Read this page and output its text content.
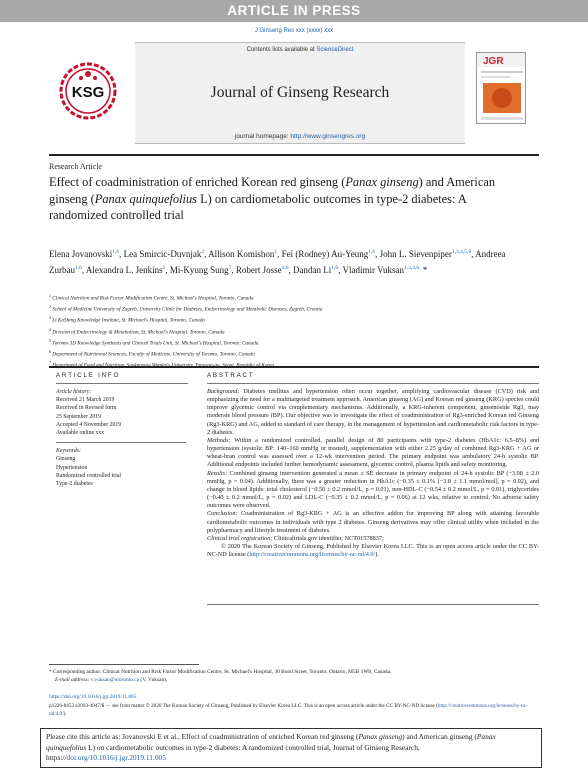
ARTICLE IN PRESS
J Ginseng Res xxx (xxxx) xxx
KSG
Contents lists available at ScienceDirect
Journal of Ginseng Research
journal homepage: http://www.ginsengres.org
JGR
Research Article
Effect of coadministration of enriched Korean red ginseng (Panax ginseng) and American ginseng (Panax quinquefolius L) on cardiometabolic outcomes in type-2 diabetes: A randomized controlled trial
Elena Jovanovski$^{1,6}$, Lea Smircic-Duvnjak$^2$, Allison Komishon$^1$, Fei (Rodney) Au-Yeung$^{1,6}$, John L. Sievenpiper$^{1,3,4,5,6}$, Andreea Zurbau$^{1,6}$, Alexandra L. Jenkins$^1$, Mi-Kyung Sung$^7$, Robert Josse$^{4,6}$, Dandan Li$^{1,6}$, Vladimir Vuksan$^{1,3,4,6,}$ *
$^1$ Clinical Nutrition and Risk Factor Modification Centre, St. Michael's Hospital, Toronto, Canada
$^2$ School of Medicine University of Zagreb, University Clinic for Diabetes, Endocrinology and Metabolic Diseases, Zagreb, Croatia
$^3$ Li KaShing Knowledge Institute, St. Michael's Hospital, Toronto, Canada
$^4$ Division of Endocrinology & Metabolism, St. Michael's Hospital, Toronto, Canada
$^5$ Toronto 3D Knowledge Synthesis and Clinical Trials Unit, St. Michael's Hospital, Toronto, Canada
$^6$ Department of Nutritional Sciences, Faculty of Medicine, University of Toronto, Toronto, Canada
$^7$
ARTICLE INFO	ABSTRACT
Article history:
Received 21 March 2019
Received in Revised form
25 September 2019
Accepted 4 November 2019
Available online xxx
Keywords:
Ginseng
Hypertension
Randomized controlled trial
Type-2 diabetes
Background: Diabetes mellitus and hypertension often occur together, amplifying cardiovascular disease (CVD) risk and emphasizing the need for a multitargeted treatment approach. American ginseng (AG) and Korean red ginseng (KRG) species could improve glycemic control via complementary mechanisms. Additionally, a KRG-inherent component, ginsenoside Rg3, may moderate blood pressure (BP). Our objective was to investigate the effect of coadministration of Rg3-enriched Korean red Ginseng (Rg3-KRG) and AG, added to standard of care therapy, in the management of hypertension and cardiometabolic risk factors in type-2 diabetes.
Methods: Within a randomized controlled, parallel design of 80 participants with type-2 diabetes (HbA1c: 6.5–8%) and hypertension (systolic BP: 140–160 mmHg or treated), supplementation with either 2.25 g/day of combined Rg3-KRG + AG or wheat-bran control was assessed over a 12-wk intervention period. The primary endpoint was ambulatory 24-h systolic BP. Additional endpoints included further hemodynamic assessment, glycemic control, plasma lipids and safety monitoring.
Results: Combined ginseng intervention generated a mean ± SE decrease in primary endpoint of 24-h systolic BP (−3.98 ± 2.0 mmHg, p = 0.04). Additionally, there was a greater reduction in HbA1c (−0.35 ± 0.1% [−3.8 ± 1.1 mmol/mol], p = 0.02), and change in blood lipids: total cholesterol (−0.50 ± 0.2 mmol/L, p = 0.01), non-HDL-C (−0.54 ± 0.2 mmol/L, p = 0.01), triglycerides (−0.40 ± 0.2 mmol/L, p = 0.02) and LDL-C (−0.35 ± 0.2 mmol/L, p = 0.06) at 12 wks, relative to control. No adverse safety outcomes were observed.
Conclusion: Coadministration of Rg3-KRG + AG is an effective addon for improving BP along with attaining favorable cardiometabolic outcomes in individuals with type 2 diabetes. Ginseng derivatives may offer clinical utility when included in the polypharmacy and lifestyle treatment of diabetes.
Clinical trial registration: Clinicaltrials.gov identifier, NCT01578837;
© 2020 The Korean Society of Ginseng, Published by Elsevier Korea LLC. This is an open access article under the CC BY-NC-ND license (http://creativecommons.org/licenses/by-nc-nd/4.0/).
* Corresponding author. Clinical Nutrition and Risk Factor Modification Centre, St. Michael's Hospital, 30 Bond Street, Toronto, Ontario, M5B 1W8, Canada.
E-mail address: v.vuksan@utoronto.ca (V. Vuksan).
https://doi.org/10.1016/j.jgr.2019.11.005
p1226-8453 e2093-4947/$ — see front matter © 2020 The Korean Society of Ginseng, Published by Elsevier Korea LLC. This is an open access article under the CC BY-NC-ND license (http://creativecommons.org/licenses/by-nc-nd/4.0/).
Please cite this article as: Jovanovski E et al., Effect of coadministration of enriched Korean red ginseng (Panax ginseng) and American ginseng (Panax quinquefolius L) on cardiometabolic outcomes in type-2 diabetes: A randomized controlled trial, Journal of Ginseng Research, https://doi.org/10.1016/j.jgr.2019.11.005
